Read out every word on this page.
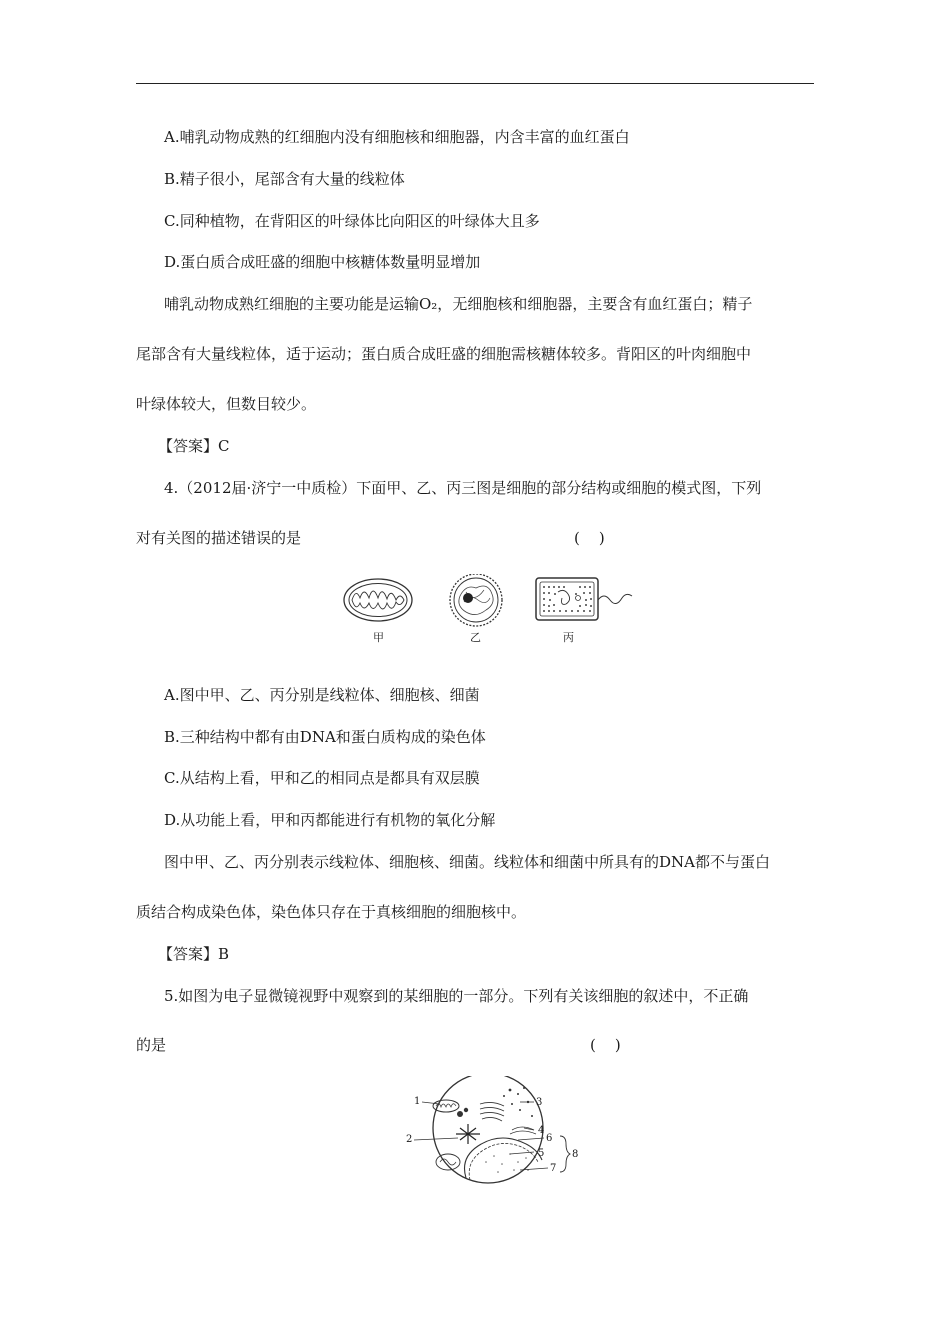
A.哺乳动物成熟的红细胞内没有细胞核和细胞器，内含丰富的血红蛋白
B.精子很小，尾部含有大量的线粒体
C.同种植物，在背阳区的叶绿体比向阳区的叶绿体大且多
D.蛋白质合成旺盛的细胞中核糖体数量明显增加
哺乳动物成熟红细胞的主要功能是运输O₂，无细胞核和细胞器，主要含有血红蛋白；精子
尾部含有大量线粒体，适于运动；蛋白质合成旺盛的细胞需核糖体较多。背阳区的叶肉细胞中
叶绿体较大，但数目较少。
【答案】C
4.（2012届·济宁一中质检）下面甲、乙、丙三图是细胞的部分结构或细胞的模式图，下列
对有关图的描述错误的是	(    )
甲	乙	丙
A.图中甲、乙、丙分别是线粒体、细胞核、细菌
B.三种结构中都有由DNA和蛋白质构成的染色体
C.从结构上看，甲和乙的相同点是都具有双层膜
D.从功能上看，甲和丙都能进行有机物的氧化分解
图中甲、乙、丙分别表示线粒体、细胞核、细菌。线粒体和细菌中所具有的DNA都不与蛋白
质结合构成染色体，染色体只存在于真核细胞的细胞核中。
【答案】B
5.如图为电子显微镜视野中观察到的某细胞的一部分。下列有关该细胞的叙述中，不正确
的是	(    )
1
2
3
4
5
6
7
8
